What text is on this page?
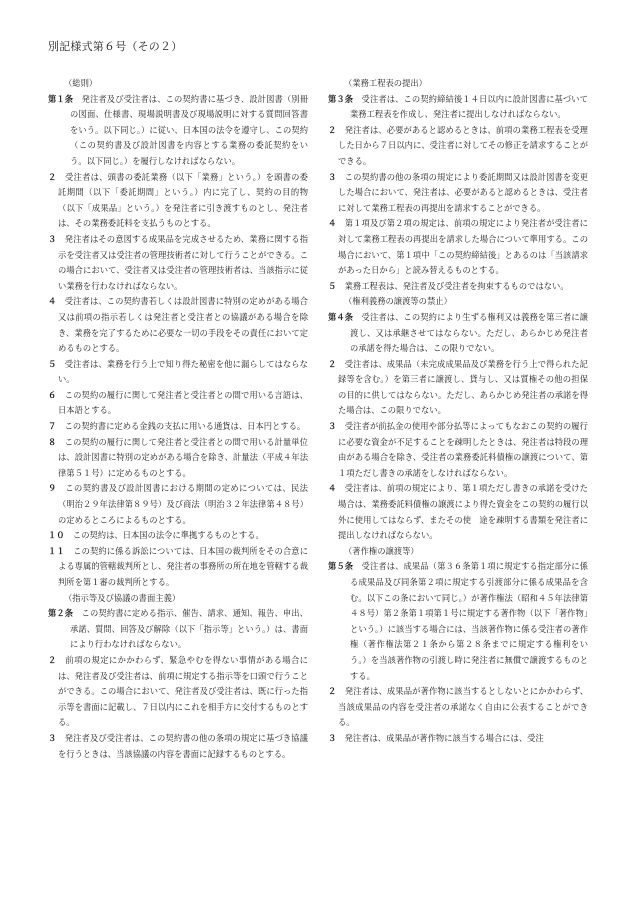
別記様式第６号（その２）

（総則）

第１条　発注者及び受注者は、この契約書に基づき、設計図書（別冊の図面、仕様書、現場説明書及び現場説明に対する質問回答書をいう。以下同じ。）に従い、日本国の法令を遵守し、この契約（この契約書及び設計図書を内容とする業務の委託契約をいう。以下同じ。）を履行しなければならない。

２　受注者は、頭書の委託業務（以下「業務」という。）を頭書の委託期間（以下「委託期間」という。）内に完了し、契約の目的物（以下「成果品」という。）を発注者に引き渡すものとし、発注者は、その業務委託料を支払うものとする。

３　発注者はその意図する成果品を完成させるため、業務に関する指示を受注者又は受注者の管理技術者に対して行うことができる。この場合において、受注者又は受注者の管理技術者は、当該指示に従い業務を行わなければならない。

４　受注者は、この契約書若しくは設計図書に特別の定めがある場合又は前項の指示若しくは発注者と受注者との協議がある場合を除き、業務を完了するために必要な一切の手段をその責任において定めるものとする。

５　受注者は、業務を行う上で知り得た秘密を他に漏らしてはならない。

６　この契約の履行に関して発注者と受注者との間で用いる言語は、日本語とする。

７　この契約書に定める金銭の支払に用いる通貨は、日本円とする。

８　この契約の履行に関して発注者と受注者との間で用いる計量単位は、設計図書に特別の定めがある場合を除き、計量法（平成４年法律第５１号）に定めるものとする。

９　この契約書及び設計図書における期間の定めについては、民法（明治２９年法律第８９号）及び商法（明治３２年法律第４８号）の定めるところによるものとする。

１０　この契約は、日本国の法令に準拠するものとする。

１１　この契約に係る訴訟については、日本国の裁判所をその合意による専属的管轄裁判所とし、発注者の事務所の所在地を管轄する裁判所を第１審の裁判所とする。

（指示等及び協議の書面主義）

第２条　この契約書に定める指示、催告、請求、通知、報告、申出、承諾、質問、回答及び解除（以下「指示等」という。）は、書面により行わなければならない。

２　前項の規定にかかわらず、緊急やむを得ない事情がある場合には、発注者及び受注者は、前項に規定する指示等を口頭で行うことができる。この場合において、発注者及び受注者は、既に行った指示等を書面に記載し、７日以内にこれを相手方に交付するものとする。

３　発注者及び受注者は、この契約書の他の条項の規定に基づき協議を行うときは、当該協議の内容を書面に記録するものとする。

（業務工程表の提出）

第３条　受注者は、この契約締結後１４日以内に設計図書に基づいて業務工程表を作成し、発注者に提出しなければならない。

２　発注者は、必要があると認めるときは、前項の業務工程表を受理した日から７日以内に、受注者に対してその修正を請求することができる。

３　この契約書の他の条項の規定により委託期間又は設計図書を変更した場合において、発注者は、必要があると認めるときは、受注者に対して業務工程表の再提出を請求することができる。

４　第１項及び第２項の規定は、前項の規定により発注者が受注者に対して業務工程表の再提出を請求した場合について準用する。この場合において、第１項中「この契約締結後」とあるのは「当該請求があった日から」と読み替えるものとする。

５　業務工程表は、発注者及び受注者を拘束するものではない。

（権利義務の譲渡等の禁止）

第４条　受注者は、この契約により生ずる権利又は義務を第三者に譲渡し、又は承継させてはならない。ただし、あらかじめ発注者の承諾を得た場合は、この限りでない。

２　受注者は、成果品（未完成成果品及び業務を行う上で得られた記録等を含む。）を第三者に譲渡し、貸与し、又は質権その他の担保の目的に供してはならない。ただし、あらかじめ発注者の承諾を得た場合は、この限りでない。

３　受注者が前払金の使用や部分払等によってもなおこの契約の履行に必要な資金が不足することを疎明したときは、発注者は特段の理由がある場合を除き、受注者の業務委託料債権の譲渡について、第１項ただし書きの承諾をしなければならない。

４　受注者は、前項の規定により、第１項ただし書きの承諾を受けた場合は、業務委託料債権の譲渡により得た資金をこの契約の履行以外に使用してはならず、またその使　途を疎明する書類を発注者に提出しなければならない。

（著作権の譲渡等）

第５条　受注者は、成果品（第３６条第１項に規定する指定部分に係る成果品及び同条第２項に規定する引渡部分に係る成果品を含む。以下この条において同じ。）が著作権法（昭和４５年法律第４８号）第２条第１項第１号に規定する著作物（以下「著作物」という。）に該当する場合には、当該著作物に係る受注者の著作権（著作権法第２１条から第２８条までに規定する権利をいう。）を当該著作物の引渡し時に発注者に無償で譲渡するものとする。

２　発注者は、成果品が著作物に該当するとしないとにかかわらず、当該成果品の内容を受注者の承諾なく自由に公表することができる。

３　発注者は、成果品が著作物に該当する場合には、受注
